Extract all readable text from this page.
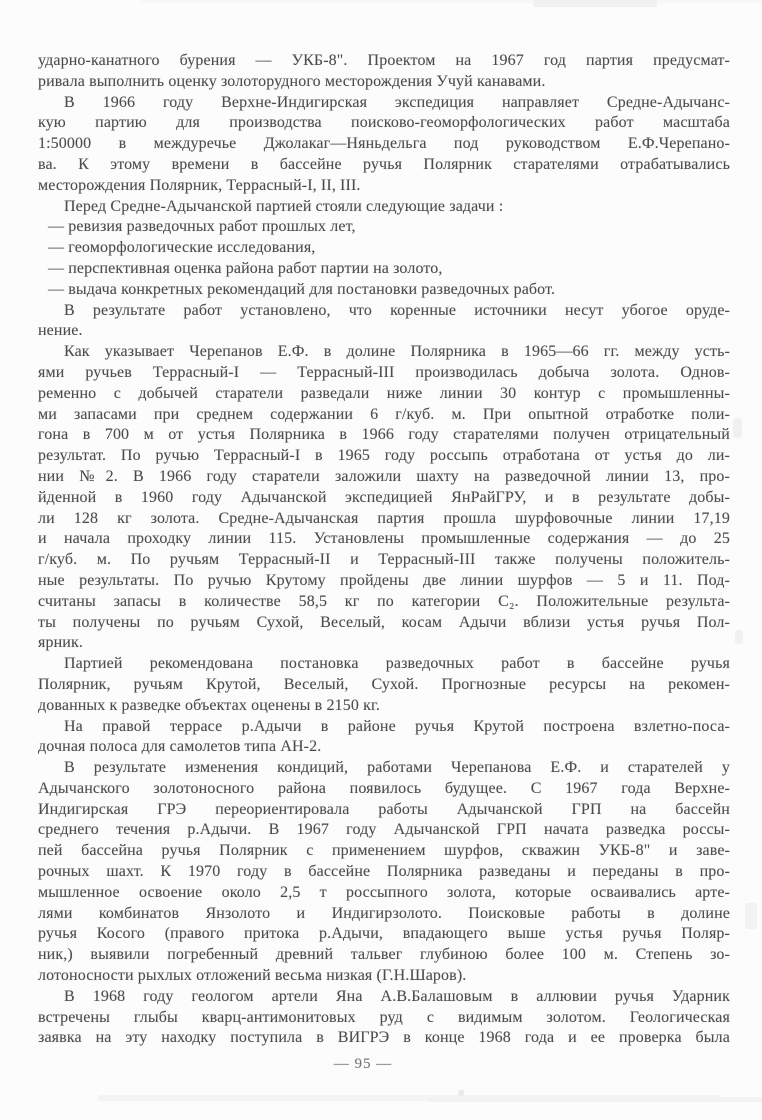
ударно-канатного бурения — УКБ-8". Проектом на 1967 год партия предусмат-
ривала выполнить оценку золоторудного месторождения Учуй канавами.
В 1966 году Верхне-Индигирская экспедиция направляет Средне-Адычанс-
кую партию для производства поисково-геоморфологических работ масштаба
1:50000 в междуречье Джолакаг—Няньдельга под руководством Е.Ф.Черепано-
ва. К этому времени в бассейне ручья Полярник старателями отрабатывались
месторождения Полярник, Террасный-I, II, III.
Перед Средне-Адычанской партией стояли следующие задачи :
— ревизия разведочных работ прошлых лет,
— геоморфологические исследования,
— перспективная оценка района работ партии на золото,
— выдача конкретных рекомендаций для постановки разведочных работ.
В результате работ установлено, что коренные источники несут убогое оруде-
нение.
Как указывает Черепанов Е.Ф. в долине Полярника в 1965—66 гг. между усть-
ями ручьев Террасный-I — Террасный-III производилась добыча золота. Однов-
ременно с добычей старатели разведали ниже линии 30 контур с промышленны-
ми запасами при среднем содержании 6 г/куб. м. При опытной отработке поли-
гона в 700 м от устья Полярника в 1966 году старателями получен отрицательный
результат. По ручью Террасный-I в 1965 году россыпь отработана от устья до ли-
нии №2. В 1966 году старатели заложили шахту на разведочной линии 13, про-
йденной в 1960 году Адычанской экспедицией ЯнРайГРУ, и в результате добы-
ли 128 кг золота. Средне-Адычанская партия прошла шурфовочные линии 17,19
и начала проходку линии 115. Установлены промышленные содержания — до 25
г/куб. м. По ручьям Террасный-II и Террасный-III также получены положитель-
ные результаты. По ручью Крутому пройдены две линии шурфов — 5 и 11. Под-
считаны запасы в количестве 58,5 кг по категории С₂. Положительные результа-
ты получены по ручьям Сухой, Веселый, косам Адычи вблизи устья ручья Пол-
ярник.
Партией рекомендована постановка разведочных работ в бассейне ручья
Полярник, ручьям Крутой, Веселый, Сухой. Прогнозные ресурсы на рекомен-
дованных к разведке объектах оценены в 2150 кг.
На правой террасе р.Адычи в районе ручья Крутой построена взлетно-поса-
дочная полоса для самолетов типа АН-2.
В результате изменения кондиций, работами Черепанова Е.Ф. и старателей у
Адычанского золотоносного района появилось будущее. С 1967 года Верхне-
Индигирская ГРЭ переориентировала работы Адычанской ГРП на бассейн
среднего течения р.Адычи. В 1967 году Адычанской ГРП начата разведка россы-
пей бассейна ручья Полярник с применением шурфов, скважин УКБ-8" и заве-
рочных шахт. К 1970 году в бассейне Полярника разведаны и переданы в про-
мышленное освоение около 2,5 т россыпного золота, которые осваивались арте-
лями комбинатов Янзолото и Индигирзолото. Поисковые работы в долине
ручья Косого (правого притока р.Адычи, впадающего выше устья ручья Поляр-
ник,) выявили погребенный древний тальвег глубиною более 100 м. Степень зо-
лотоносности рыхлых отложений весьма низкая (Г.Н.Шаров).
В 1968 году геологом артели Яна А.В.Балашовым в аллювии ручья Ударник
встречены глыбы кварц-антимонитовых руд с видимым золотом. Геологическая
заявка на эту находку поступила в ВИГРЭ в конце 1968 года и ее проверка была
— 95 —
